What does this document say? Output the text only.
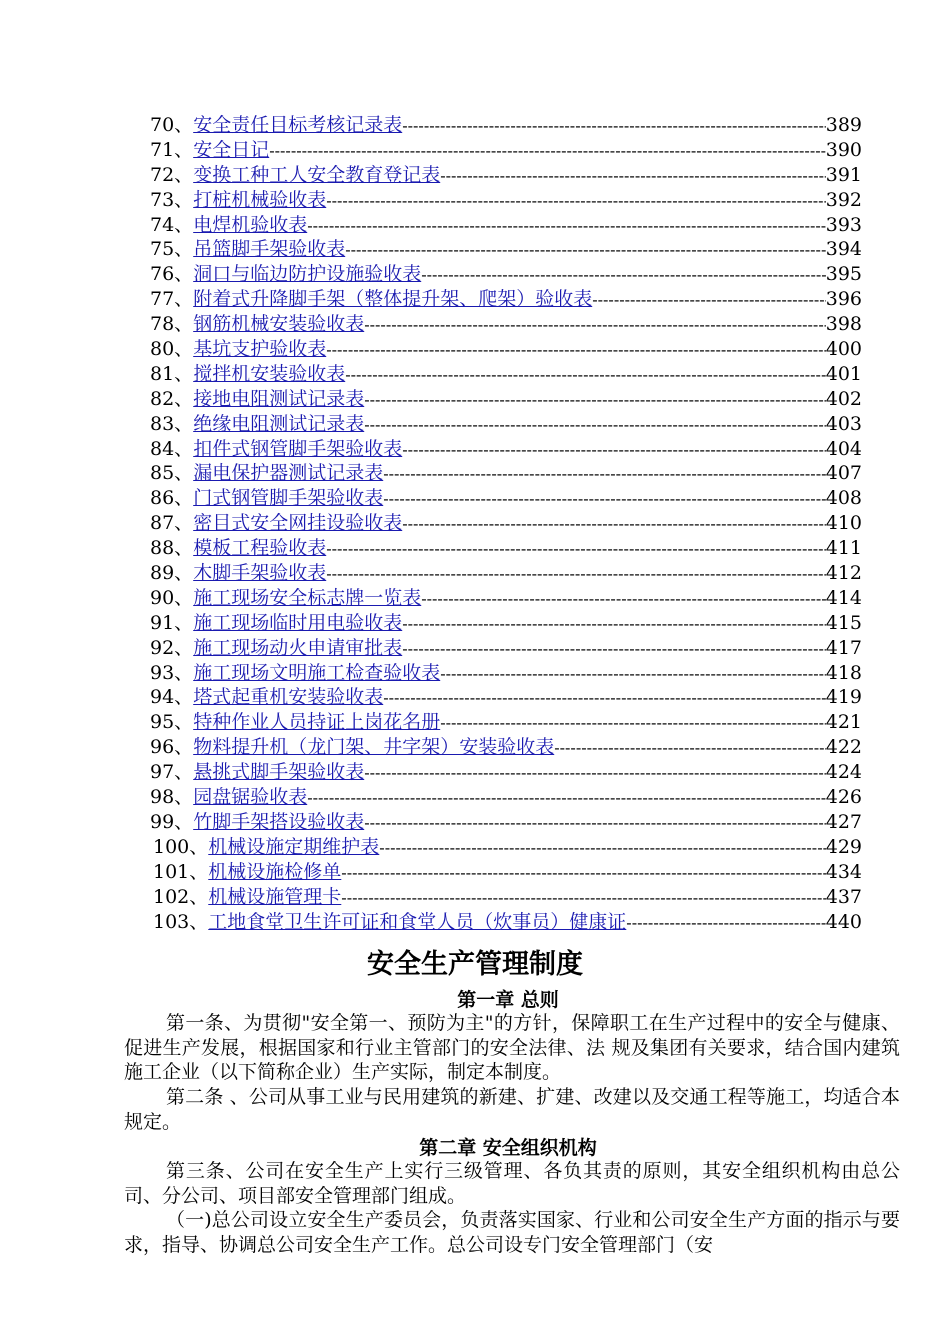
70、 安全责任目标考核记录表 -----	389
71、 安全日记 -----	390
72、 变换工种工人安全教育登记表 -----	391
73、 打桩机械验收表 -----	392
74、 电焊机验收表 -----	393
75、 吊篮脚手架验收表 -----	394
76、 洞口与临边防护设施验收表 -----	395
77、 附着式升降脚手架（整体提升架、爬架）验收表 -----	396
78、 钢筋机械安装验收表 -----	398
80、 基坑支护验收表 -----	400
81、 搅拌机安装验收表 -----	401
82、 接地电阻测试记录表 -----	402
83、 绝缘电阻测试记录表 -----	403
84、 扣件式钢管脚手架验收表 -----	404
85、 漏电保护器测试记录表 -----	407
86、 门式钢管脚手架验收表 -----	408
87、 密目式安全网挂设验收表 -----	410
88、 模板工程验收表 -----	411
89、 木脚手架验收表 -----	412
90、 施工现场安全标志牌一览表 -----	414
91、 施工现场临时用电验收表 -----	415
92、 施工现场动火申请审批表 -----	417
93、 施工现场文明施工检查验收表 -----	418
94、 塔式起重机安装验收表 -----	419
95、 特种作业人员持证上岗花名册 -----	421
96、 物料提升机（龙门架、井字架）安装验收表 -----	422
97、 悬挑式脚手架验收表 -----	424
98、 园盘锯验收表 -----	426
99、 竹脚手架搭设验收表 -----	427
100、 机械设施定期维护表 -----	429
101、 机械设施检修单 -----	434
102、 机械设施管理卡 -----	437
103、 工地食堂卫生许可证和食堂人员（炊事员）健康证 -----	440
安全生产管理制度
第一章 总则

第一条、为贯彻"安全第一、预防为主"的方针，保障职工在生产过程中的安全与健康、促进生产发展，根据国家和行业主管部门的安全法律、法 规及集团有关要求，结合国内建筑施工企业（以下简称企业）生产实际，制定本制度。

第二条 、公司从事工业与民用建筑的新建、扩建、改建以及交通工程等施工，均适合本规定。

第二章 安全组织机构

第三条、公司在安全生产上实行三级管理、各负其责的原则，其安全组织机构由总公司、分公司、项目部安全管理部门组成。

（一)总公司设立安全生产委员会，负责落实国家、行业和公司安全生产方面的指示与要求，指导、协调总公司安全生产工作。总公司设专门安全管理部门（安
